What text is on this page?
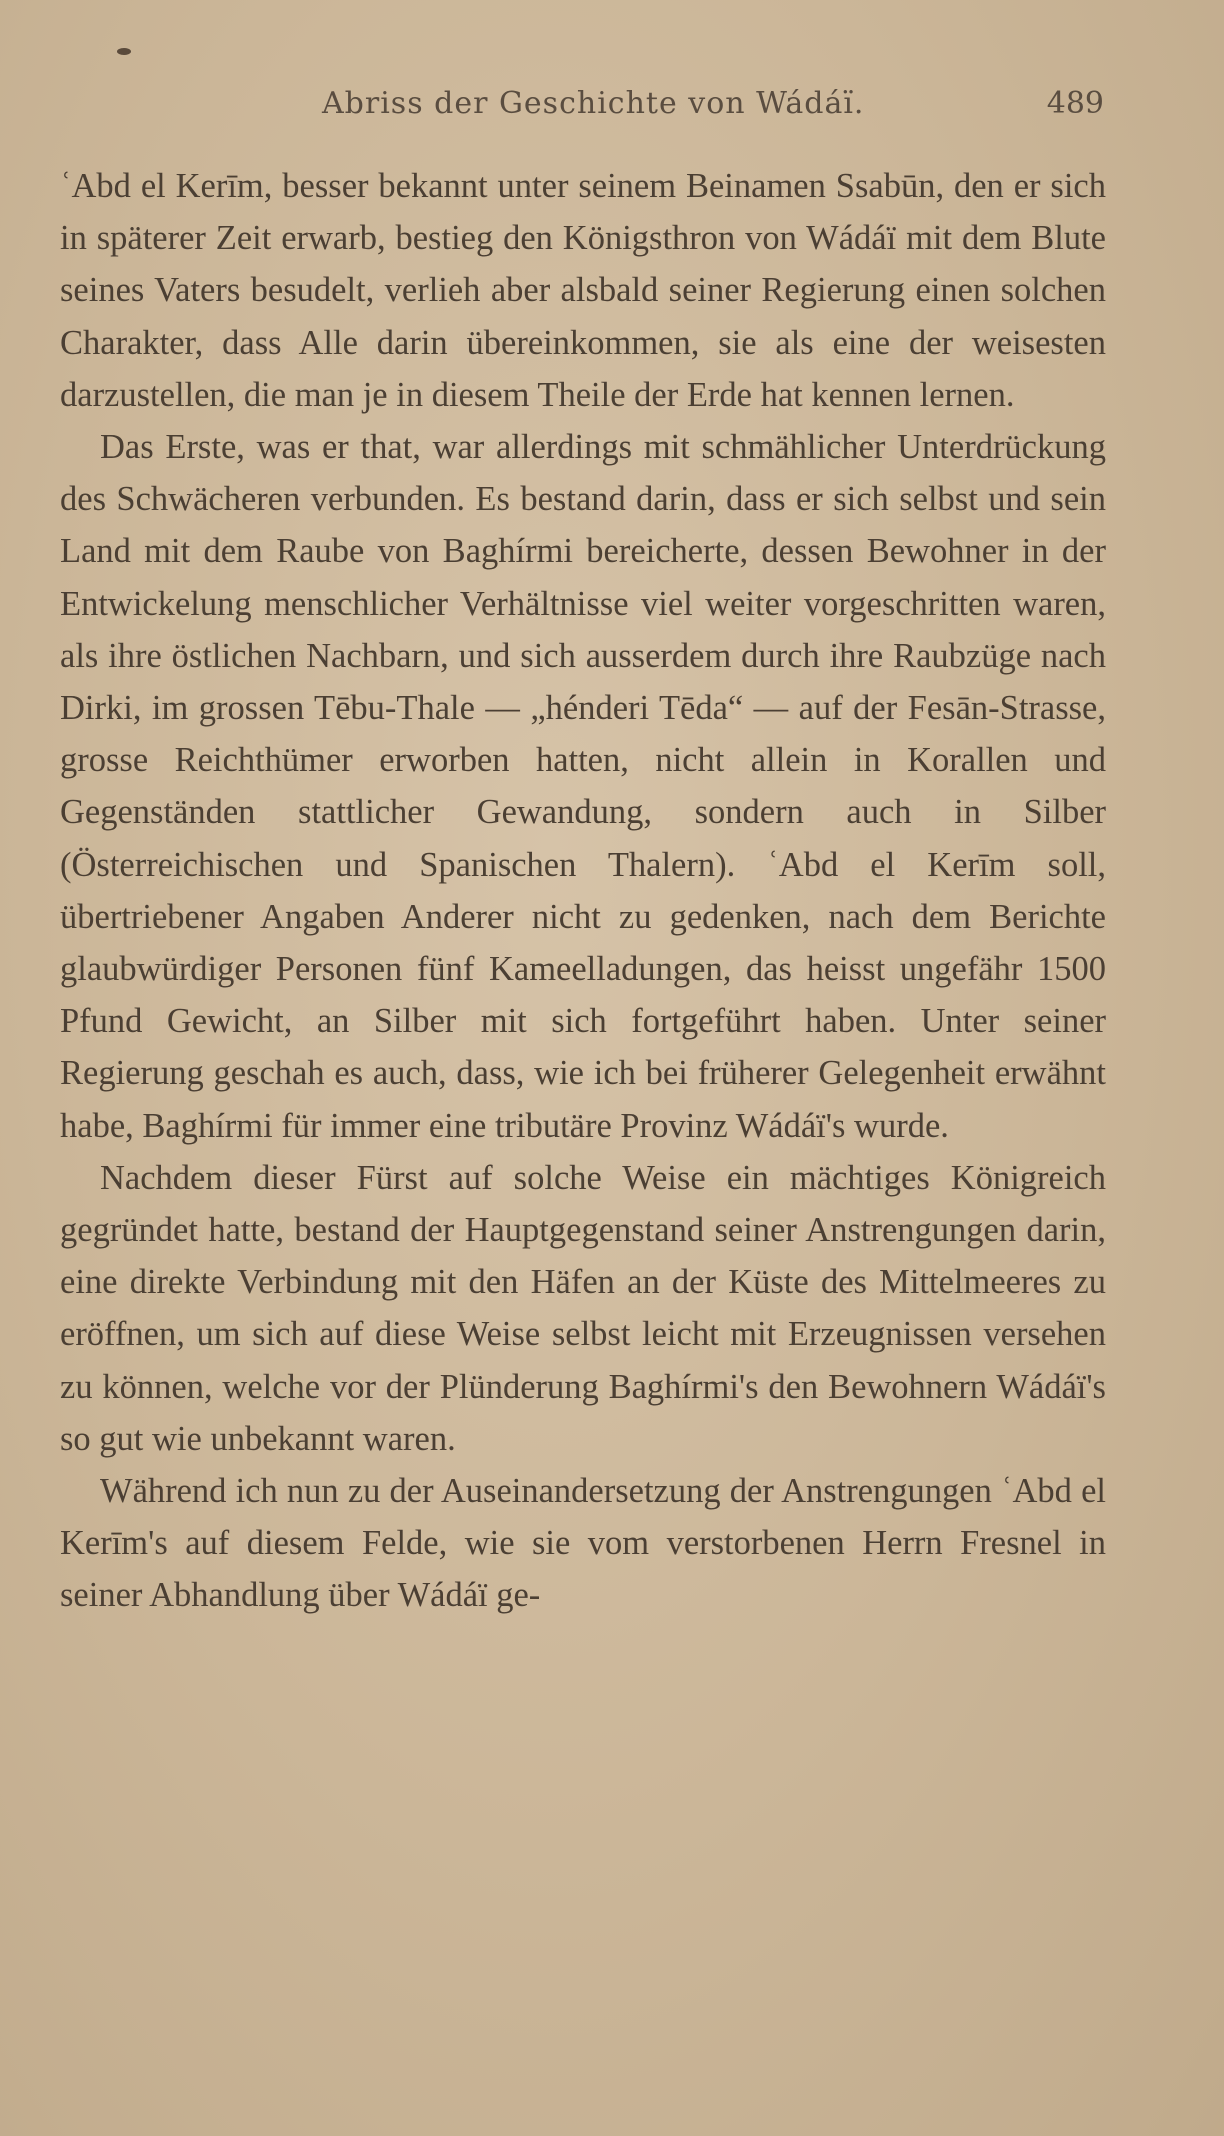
Abriss der Geschichte von Wádáï.	489

ʿAbd el Kerīm, besser bekannt unter seinem Beinamen Ssabūn, den er sich in späterer Zeit erwarb, bestieg den Königsthron von Wádáï mit dem Blute seines Vaters besudelt, verlieh aber alsbald seiner Regierung einen solchen Charakter, dass Alle darin übereinkommen, sie als eine der weisesten darzustellen, die man je in diesem Theile der Erde hat kennen lernen.

Das Erste, was er that, war allerdings mit schmählicher Unterdrückung des Schwächeren verbunden. Es bestand darin, dass er sich selbst und sein Land mit dem Raube von Baghírmi bereicherte, dessen Bewohner in der Entwickelung menschlicher Verhältnisse viel weiter vorgeschritten waren, als ihre östlichen Nachbarn, und sich ausserdem durch ihre Raubzüge nach Dirki, im grossen Tēbu-Thale — „hénderi Tēda“ — auf der Fesān-Strasse, grosse Reichthümer erworben hatten, nicht allein in Korallen und Gegenständen stattlicher Gewandung, sondern auch in Silber (Österreichischen und Spanischen Thalern). ʿAbd el Kerīm soll, übertriebener Angaben Anderer nicht zu gedenken, nach dem Berichte glaubwürdiger Personen fünf Kameelladungen, das heisst ungefähr 1500 Pfund Gewicht, an Silber mit sich fortgeführt haben. Unter seiner Regierung geschah es auch, dass, wie ich bei früherer Gelegenheit erwähnt habe, Baghírmi für immer eine tributäre Provinz Wádáï's wurde.

Nachdem dieser Fürst auf solche Weise ein mächtiges Königreich gegründet hatte, bestand der Hauptgegenstand seiner Anstrengungen darin, eine direkte Verbindung mit den Häfen an der Küste des Mittelmeeres zu eröffnen, um sich auf diese Weise selbst leicht mit Erzeugnissen versehen zu können, welche vor der Plünderung Baghírmi's den Bewohnern Wádáï's so gut wie unbekannt waren.

Während ich nun zu der Auseinandersetzung der Anstrengungen ʿAbd el Kerīm's auf diesem Felde, wie sie vom verstorbenen Herrn Fresnel in seiner Abhandlung über Wádáï ge-
